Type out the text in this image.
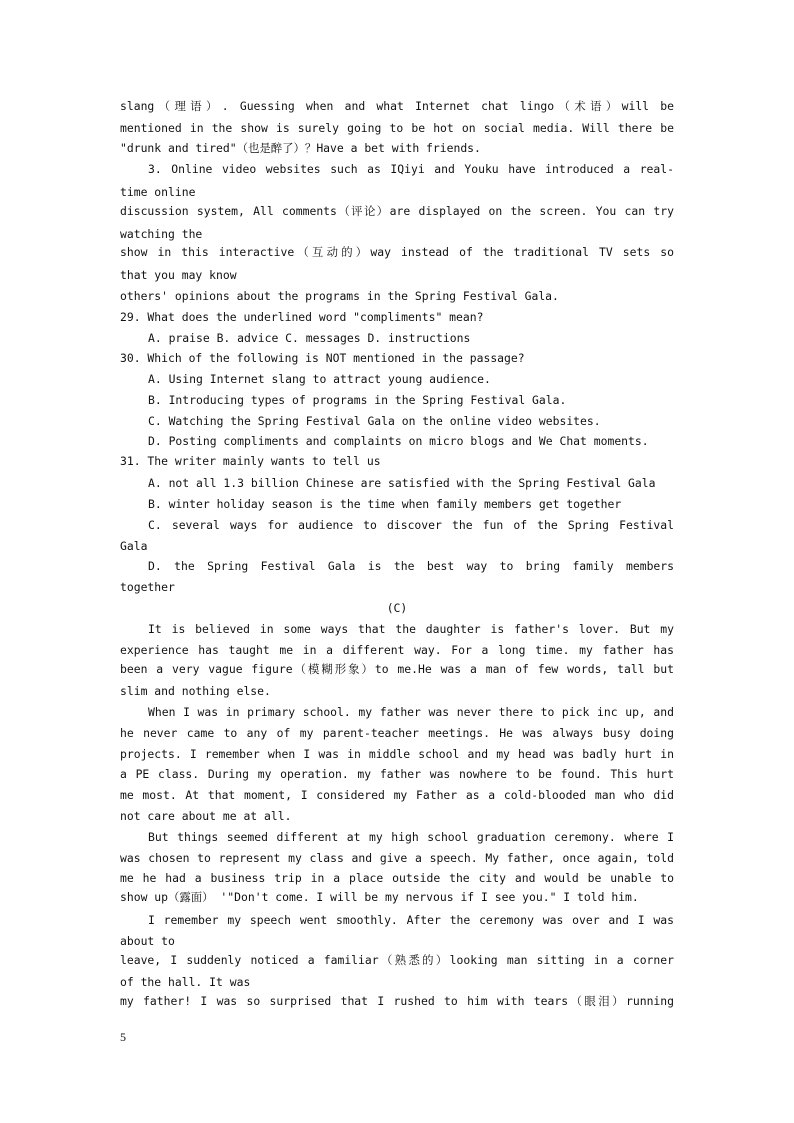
slang（理语）. Guessing when and what Internet chat lingo（术语）will be
mentioned in the show is surely going to be hot on social media. Will there be
"drunk and tired"（也是醉了）？Have a bet with friends.
3. Online video websites such as IQiyi and Youku have introduced a real-
time online
discussion system, All comments（评论）are displayed on the screen. You can try
watching the
show in this interactive（互动的）way instead of the traditional TV sets so
that you may know
others' opinions about the programs in the Spring Festival Gala.
29. What does the underlined word "compliments" mean?
A. praise B. advice C. messages D. instructions
30. Which of the following is NOT mentioned in the passage?
A. Using Internet slang to attract young audience.
B. Introducing types of programs in the Spring Festival Gala.
C. Watching the Spring Festival Gala on the online video websites.
D. Posting compliments and complaints on micro blogs and We Chat moments.
31. The writer mainly wants to tell us
A. not all 1.3 billion Chinese are satisfied with the Spring Festival Gala
B. winter holiday season is the time when family members get together
C. several ways for audience to discover the fun of the Spring Festival
Gala
D. the Spring Festival Gala is the best way to bring family members
together
(C)
It is believed in some ways that the daughter is father's lover. But my
experience has taught me in a different way. For a long time. my father has
been a very vague figure（模糊形象）to me.He was a man of few words, tall but
slim and nothing else.
When I was in primary school. my father was never there to pick inc up, and
he never came to any of my parent-teacher meetings. He was always busy doing
projects. I remember when I was in middle school and my head was badly hurt in
a PE class. During my operation. my father was nowhere to be found. This hurt
me most. At that moment, I considered my Father as a cold-blooded man who did
not care about me at all.
But things seemed different at my high school graduation ceremony. where I
was chosen to represent my class and give a speech. My father, once again, told
me he had a business trip in a place outside the city and would be unable to
show up（露面） '"Don't come. I will be my nervous if I see you." I told him.
I remember my speech went smoothly. After the ceremony was over and I was
about to
leave, I suddenly noticed a familiar（熟悉的）looking man sitting in a corner
of the hall. It was
my father! I was so surprised that I rushed to him with tears（眼泪）running
5
